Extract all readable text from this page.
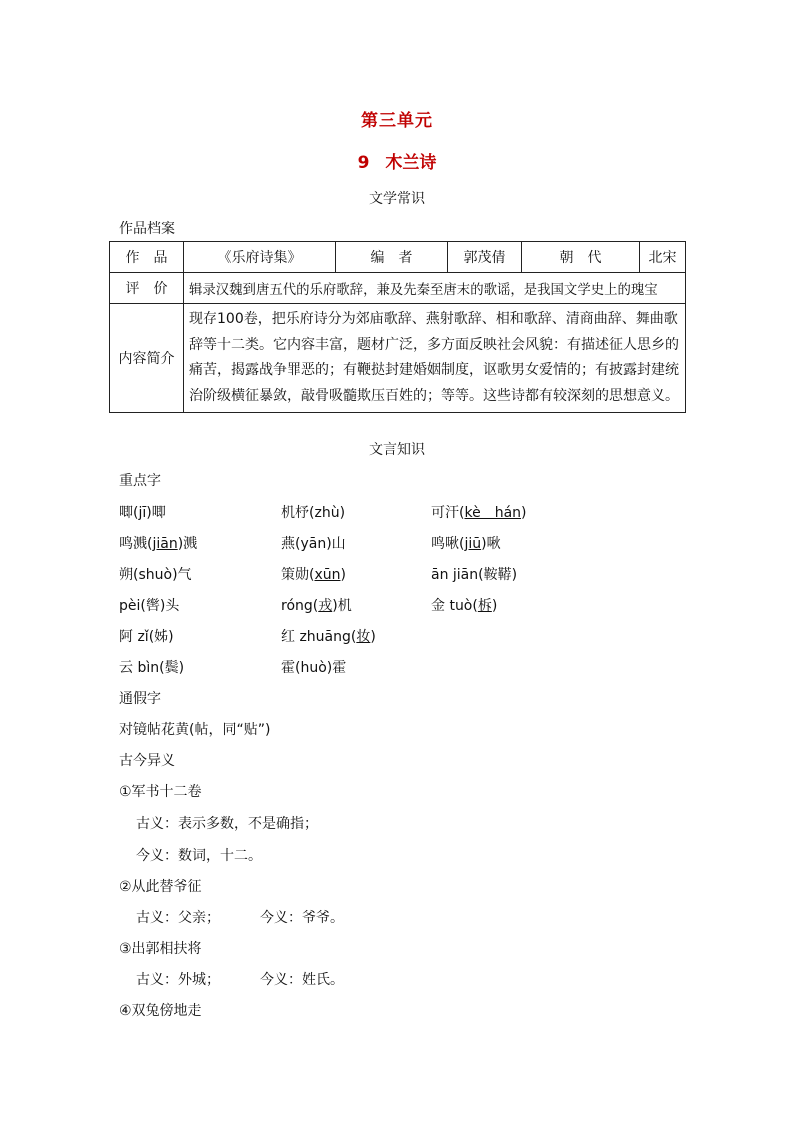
第三单元
9 木兰诗
文学常识
作品档案
作　品	《乐府诗集》	编　者	郭茂倩	朝　代	北宋
评　价	辑录汉魏到唐五代的乐府歌辞，兼及先秦至唐末的歌谣，是我国文学史上的瑰宝				
内容简介	现存100卷，把乐府诗分为郊庙歌辞、燕射歌辞、相和歌辞、清商曲辞、舞曲歌辞等十二类。它内容丰富，题材广泛，多方面反映社会风貌：有描述征人思乡的痛苦，揭露战争罪恶的；有鞭挞封建婚姻制度，讴歌男女爱情的；有披露封建统治阶级横征暴敛，敲骨吸髓欺压百姓的；等等。这些诗都有较深刻的思想意义。				
文言知识
重点字
唧(jī)唧	机杼(zhù)	可汗(kè　hán)
鸣溅(jiān)溅	燕(yān)山	鸣啾(jiū)啾
朔(shuò)气	策勋(xūn)	ān jiān(鞍鞯)
pèi(辔)头	róng(戎)机	金 tuò(柝)
阿 zǐ(姊)	红 zhuāng(妆)
云 bìn(鬓)	霍(huò)霍
通假字
对镜帖花黄(帖，同“贴”)
古今异义
①军书十二卷
古义：表示多数，不是确指；
今义：数词，十二。
②从此替爷征
古义：父亲；	今义：爷爷。
③出郭相扶将
古义：外城；	今义：姓氏。
④双兔傍地走
